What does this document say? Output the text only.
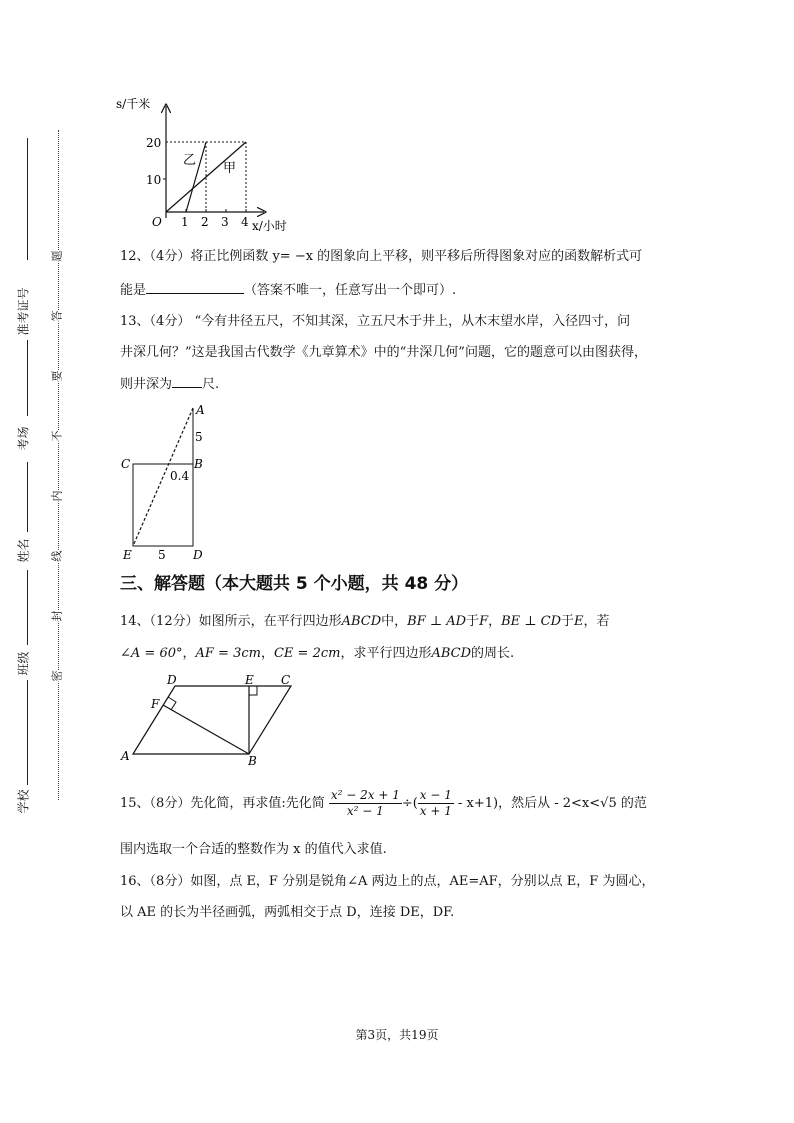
准考证号
考场
姓名
班级
学校
题
答
要
不
内
线
封
密
s/千米
x/小时
O
20
10
1 2 3 4
乙
甲
12、（4分）将正比例函数 y= −x 的图象向上平移，则平移后所得图象对应的函数解析式可
能是	（答案不唯一，任意写出一个即可）.
13、（4分） “今有井径五尺，不知其深，立五尺木于井上，从木末望水岸，入径四寸，问
井深几何？”这是我国古代数学《九章算术》中的“井深几何”问题，它的题意可以由图获得，
则井深为 尺.
A
B
C
D
E
5
0.4
5
三、解答题（本大题共 5 个小题，共 48 分）
14、（12分）如图所示，在平行四边形ABCD中，BF ⊥ AD于F，BE ⊥ CD于E，若
∠A = 60°，AF = 3cm，CE = 2cm，求平行四边形ABCD的周长.
A	B
C
D	E
F
15、（8分）先化简，再求值:先化简 $\frac{\text{x² − 2x + 1}}{\text{x² − 1}}$ ÷( $\frac{x - 1}{x + 1} - x+1$)，然后从 - 2<x<√5 的范
围内选取一个合适的整数作为 x 的值代入求值.
16、（8分）如图，点 E，F 分别是锐角∠A 两边上的点，AE=AF，分别以点 E，F 为圆心，
以 AE 的长为半径画弧，两弧相交于点 D，连接 DE，DF.
第3页，共19页
